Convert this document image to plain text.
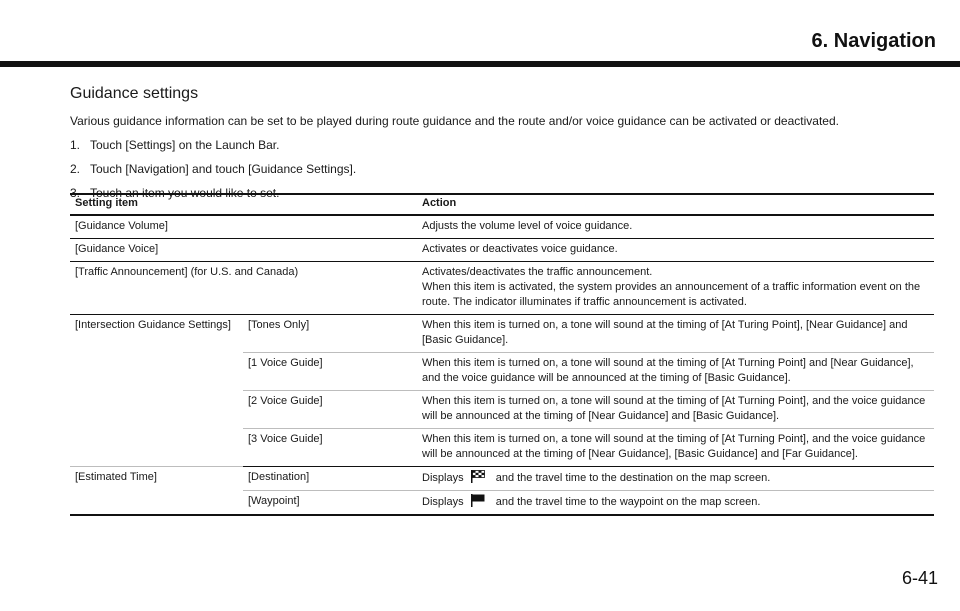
6. Navigation
Guidance settings
Various guidance information can be set to be played during route guidance and the route and/or voice guidance can be activated or deactivated.
1. Touch [Settings] on the Launch Bar.
2. Touch [Navigation] and touch [Guidance Settings].
Setting item		Action
[Guidance Volume]		Adjusts the volume level of voice guidance.
[Guidance Voice]		Activates or deactivates voice guidance.
[Traffic Announcement] (for U.S. and Canada)		Activates/deactivates the traffic announcement.
When this item is activated, the system provides an announcement of a traffic information event on the route. The indicator illuminates if traffic announcement is activated.

[Intersection Guidance Settings]	[Tones Only]	When this item is turned on, a tone will sound at the timing of [At Turing Point], [Near Guidance] and [Basic Guidance].
	[1 Voice Guide]	When this item is turned on, a tone will sound at the timing of [At Turning Point] and [Near Guidance], and the voice guidance will be announced at the timing of [Basic Guidance].
	[2 Voice Guide]	When this item is turned on, a tone will sound at the timing of [At Turning Point], and the voice guidance will be announced at the timing of [Near Guidance] and [Basic Guidance].
	[3 Voice Guide]	When this item is turned on, a tone will sound at the timing of [At Turning Point], and the voice guidance will be announced at the timing of [Near Guidance], [Basic Guidance] and [Far Guidance].
[Estimated Time]	[Destination]	Displays and the travel time to the destination on the map screen.
	[Waypoint]	Displays and the travel time to the waypoint on the map screen.
6-41
